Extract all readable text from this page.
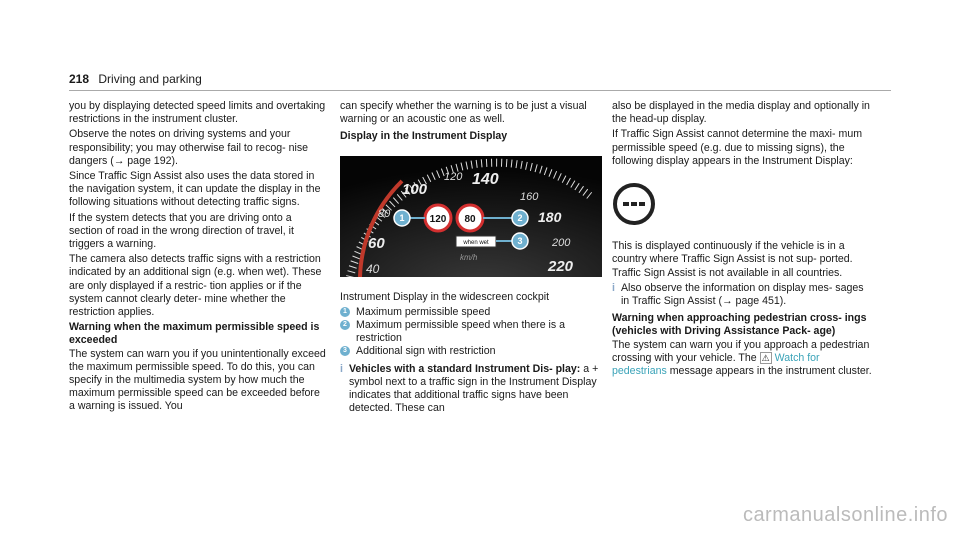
218 Driving and parking

you by displaying detected speed limits and overtaking restrictions in the instrument cluster.

Observe the notes on driving systems and your responsibility; you may otherwise fail to recog- nise dangers (→ page 192).

Since Traffic Sign Assist also uses the data stored in the navigation system, it can update the display in the following situations without detecting traffic signs.

If the system detects that you are driving onto a section of road in the wrong direction of travel, it triggers a warning.

The camera also detects traffic signs with a restriction indicated by an additional sign (e.g. when wet). These are only displayed if a restric- tion applies or if the system cannot clearly deter- mine whether the restriction applies.

Warning when the maximum permissible speed is exceeded

The system can warn you if you unintentionally exceed the maximum permissible speed. To do this, you can specify in the multimedia system by how much the maximum permissible speed can be exceeded before a warning is issued. You

can specify whether the warning is to be just a visual warning or an acoustic one as well.

Display in the Instrument Display
40
60
80
100
120 140
160
180
200
220
120 80
when wet
km/h
1	2
3

Instrument Display in the widescreen cockpit

1 Maximum permissible speed
2 Maximum permissible speed when there is a restriction
3 Additional sign with restriction
i Vehicles with a standard Instrument Dis- play: a + symbol next to a traffic sign in the Instrument Display indicates that additional traffic signs have been detected. These can

also be displayed in the media display and optionally in the head-up display.

If Traffic Sign Assist cannot determine the maxi- mum permissible speed (e.g. due to missing signs), the following display appears in the Instrument Display:

This is displayed continuously if the vehicle is in a country where Traffic Sign Assist is not sup- ported. Traffic Sign Assist is not available in all countries.

i Also observe the information on display mes- sages in Traffic Sign Assist (→ page 451).
Warning when approaching pedestrian cross- ings (vehicles with Driving Assistance Pack- age)

The system can warn you if you approach a pedestrian crossing with your vehicle. The ⚠ Watch for pedestrians message appears in the instrument cluster.

carmanualsonline.info
